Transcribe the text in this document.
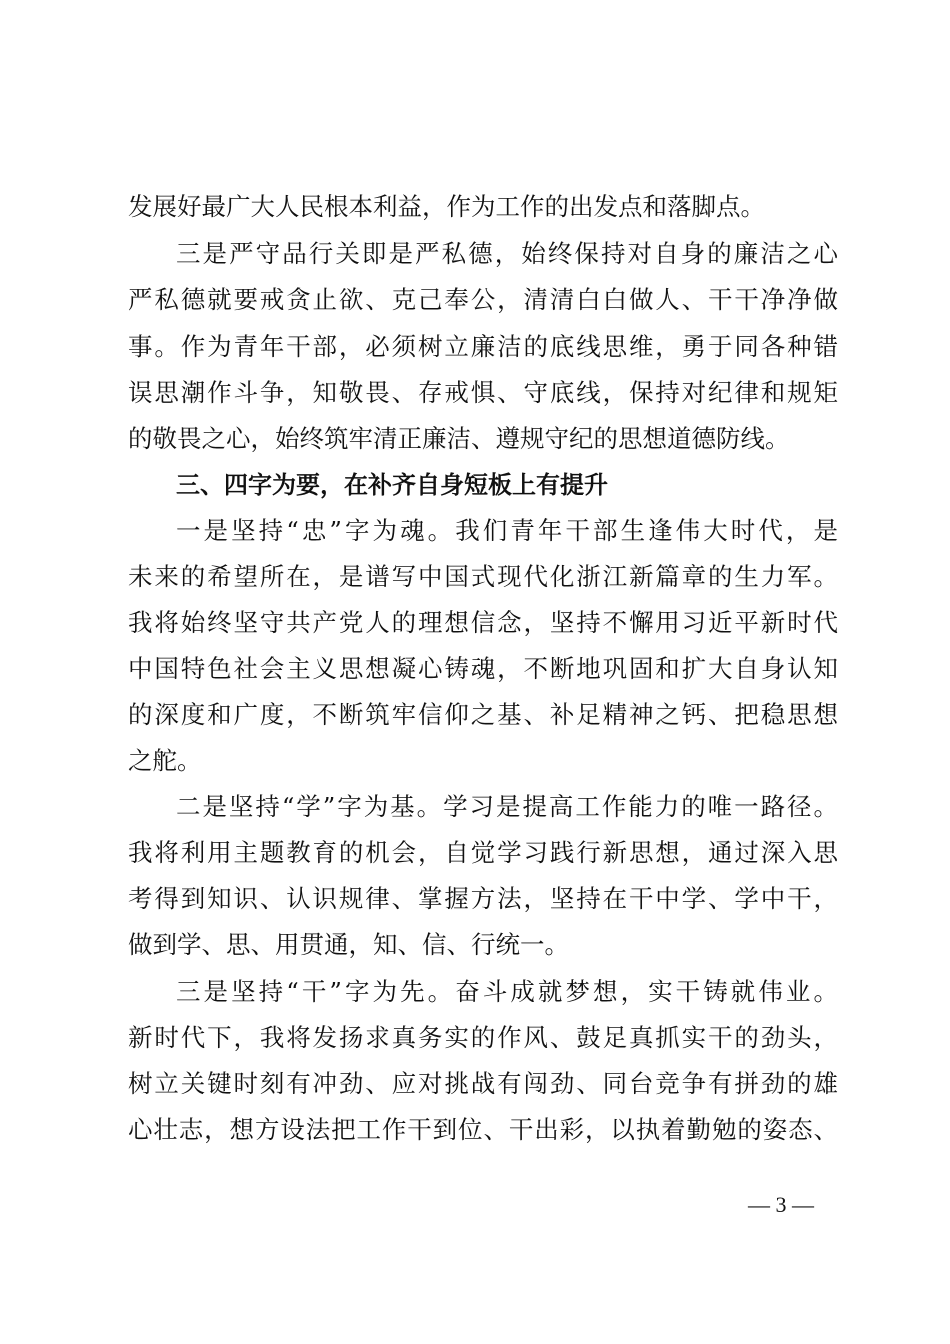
发展好最广大人民根本利益，作为工作的出发点和落脚点。
三是严守品行关即是严私德，始终保持对自身的廉洁之心
严私德就要戒贪止欲、克己奉公，清清白白做人、干干净净做
事。作为青年干部，必须树立廉洁的底线思维，勇于同各种错
误思潮作斗争，知敬畏、存戒惧、守底线，保持对纪律和规矩
的敬畏之心，始终筑牢清正廉洁、遵规守纪的思想道德防线。
三、四字为要，在补齐自身短板上有提升
一是坚持“忠”字为魂。我们青年干部生逢伟大时代，是
未来的希望所在，是谱写中国式现代化浙江新篇章的生力军。
我将始终坚守共产党人的理想信念，坚持不懈用习近平新时代
中国特色社会主义思想凝心铸魂，不断地巩固和扩大自身认知
的深度和广度，不断筑牢信仰之基、补足精神之钙、把稳思想
之舵。
二是坚持“学”字为基。学习是提高工作能力的唯一路径。
我将利用主题教育的机会，自觉学习践行新思想，通过深入思
考得到知识、认识规律、掌握方法，坚持在干中学、学中干，
做到学、思、用贯通，知、信、行统一。
三是坚持“干”字为先。奋斗成就梦想，实干铸就伟业。
新时代下，我将发扬求真务实的作风、鼓足真抓实干的劲头，
树立关键时刻有冲劲、应对挑战有闯劲、同台竞争有拼劲的雄
心壮志，想方设法把工作干到位、干出彩，以执着勤勉的姿态、
— 3 —
